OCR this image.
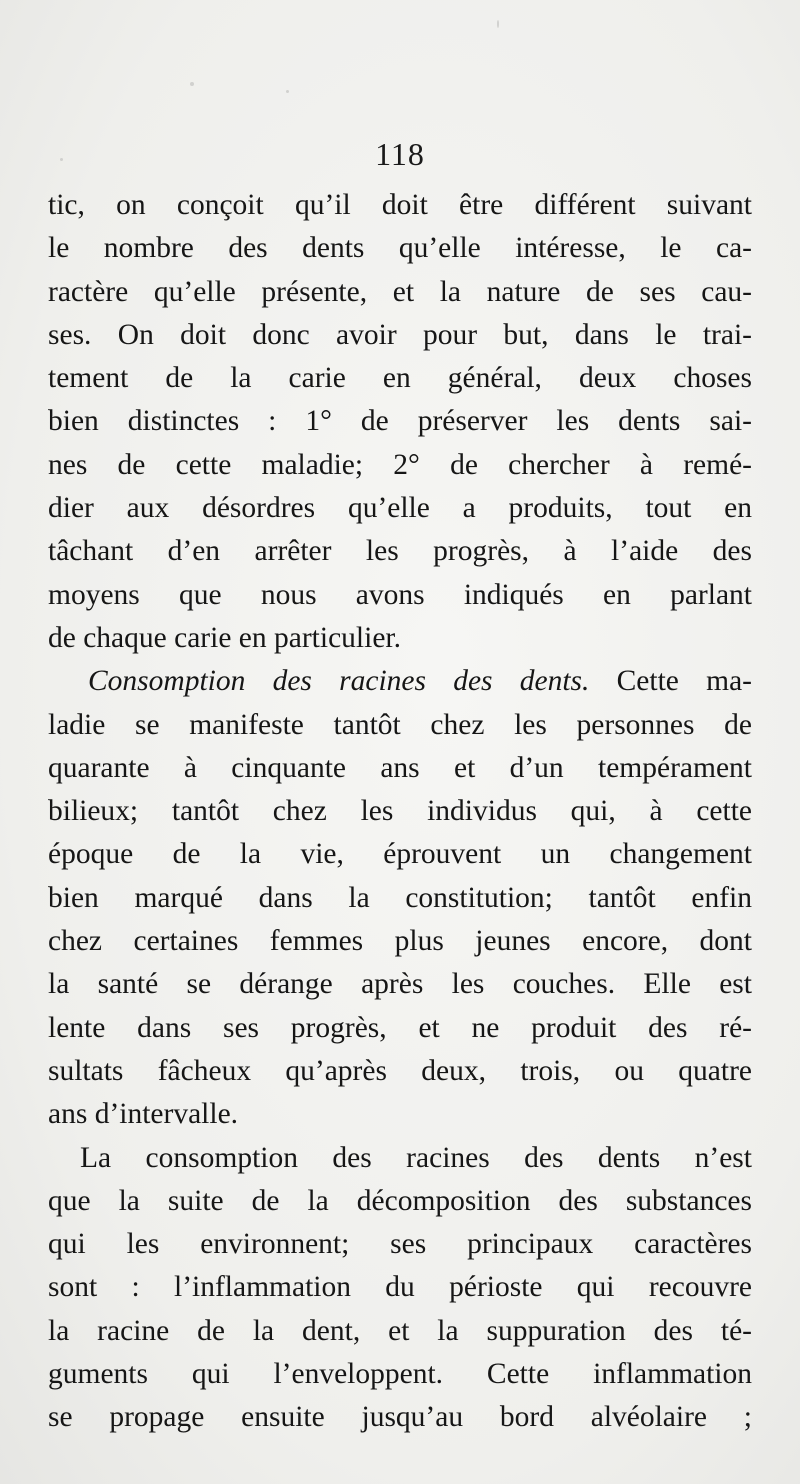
118
tic, on conçoit qu’il doit être différent suivant
le nombre des dents qu’elle intéresse, le ca-
ractère qu’elle présente, et la nature de ses cau-
ses. On doit donc avoir pour but, dans le trai-
tement de la carie en général, deux choses
bien distinctes : 1° de préserver les dents sai-
nes de cette maladie; 2° de chercher à remé-
dier aux désordres qu’elle a produits, tout en
tâchant d’en arrêter les progrès, à l’aide des
moyens que nous avons indiqués en parlant
de chaque carie en particulier.
Consomption des racines des dents. Cette ma-
ladie se manifeste tantôt chez les personnes de
quarante à cinquante ans et d’un tempérament
bilieux; tantôt chez les individus qui, à cette
époque de la vie, éprouvent un changement
bien marqué dans la constitution; tantôt enfin
chez certaines femmes plus jeunes encore, dont
la santé se dérange après les couches. Elle est
lente dans ses progrès, et ne produit des ré-
sultats fâcheux qu’après deux, trois, ou quatre
ans d’intervalle.
La consomption des racines des dents n’est
que la suite de la décomposition des substances
qui les environnent; ses principaux caractères
sont : l’inflammation du périoste qui recouvre
la racine de la dent, et la suppuration des té-
guments qui l’enveloppent. Cette inflammation
se propage ensuite jusqu’au bord alvéolaire ;
